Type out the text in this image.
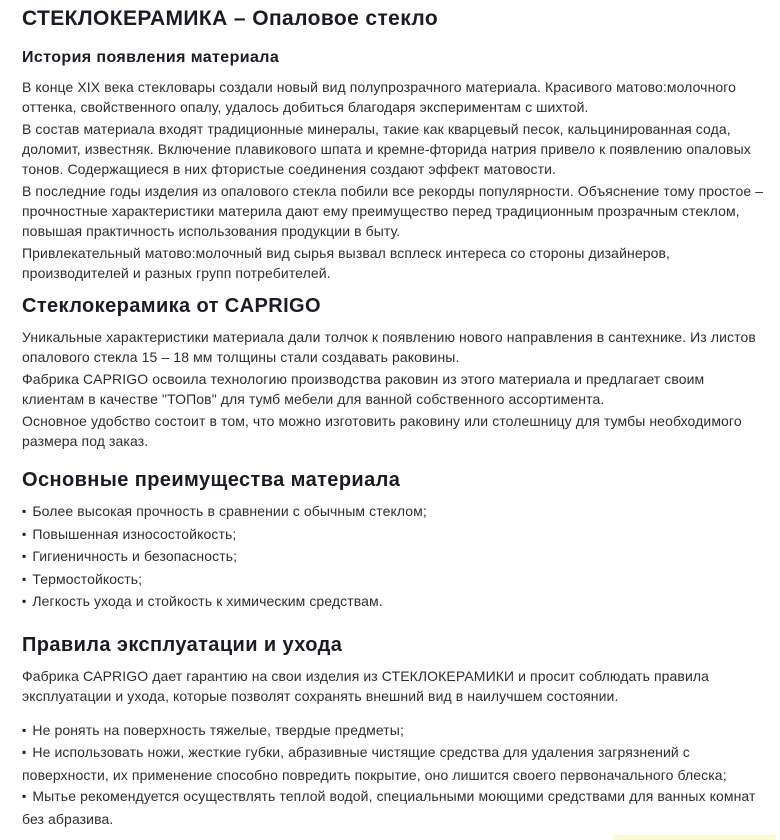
СТЕКЛОКЕРАМИКА – Опаловое стекло
История появления материала

В конце XIX века стекловары создали новый вид полупрозрачного материала. Красивого матово:молочного оттенка, свойственного опалу, удалось добиться благодаря экспериментам с шихтой.

В состав материала входят традиционные минералы, такие как кварцевый песок, кальцинированная сода, доломит, известняк. Включение плавикового шпата и кремне-фторида натрия привело к появлению опаловых тонов. Содержащиеся в них фтористые соединения создают эффект матовости.

В последние годы изделия из опалового стекла побили все рекорды популярности. Объяснение тому простое – прочностные характеристики материла дают ему преимущество перед традиционным прозрачным стеклом, повышая практичность использования продукции в быту.

Привлекательный матово:молочный вид сырья вызвал всплеск интереса со стороны дизайнеров, производителей и разных групп потребителей.

Стеклокерамика от CAPRIGO

Уникальные характеристики материала дали толчок к появлению нового направления в сантехнике. Из листов опалового стекла 15 – 18 мм толщины стали создавать раковины.

Фабрика CAPRIGO освоила технологию производства раковин из этого материала и предлагает своим клиентам в качестве "ТОПов" для тумб мебели для ванной собственного ассортимента.

Основное удобство состоит в том, что можно изготовить раковину или столешницу для тумбы необходимого размера под заказ.

Основные преимущества материала

▪ Более высокая прочность в сравнении с обычным стеклом;

▪ Повышенная износостойкость;

▪ Гигиеничность и безопасность;

▪ Термостойкость;

▪ Легкость ухода и стойкость к химическим средствам.

Правила эксплуатации и ухода

Фабрика CAPRIGO дает гарантию на свои изделия из СТЕКЛОКЕРАМИКИ и просит соблюдать правила эксплуатации и ухода, которые позволят сохранять внешний вид в наилучшем состоянии.

▪ Не ронять на поверхность тяжелые, твердые предметы;

▪ Не использовать ножи, жесткие губки, абразивные чистящие средства для удаления загрязнений с поверхности, их применение способно повредить покрытие, оно лишится своего первоначального блеска;

▪ Мытье рекомендуется осуществлять теплой водой, специальными моющими средствами для ванных комнат без абразива.
